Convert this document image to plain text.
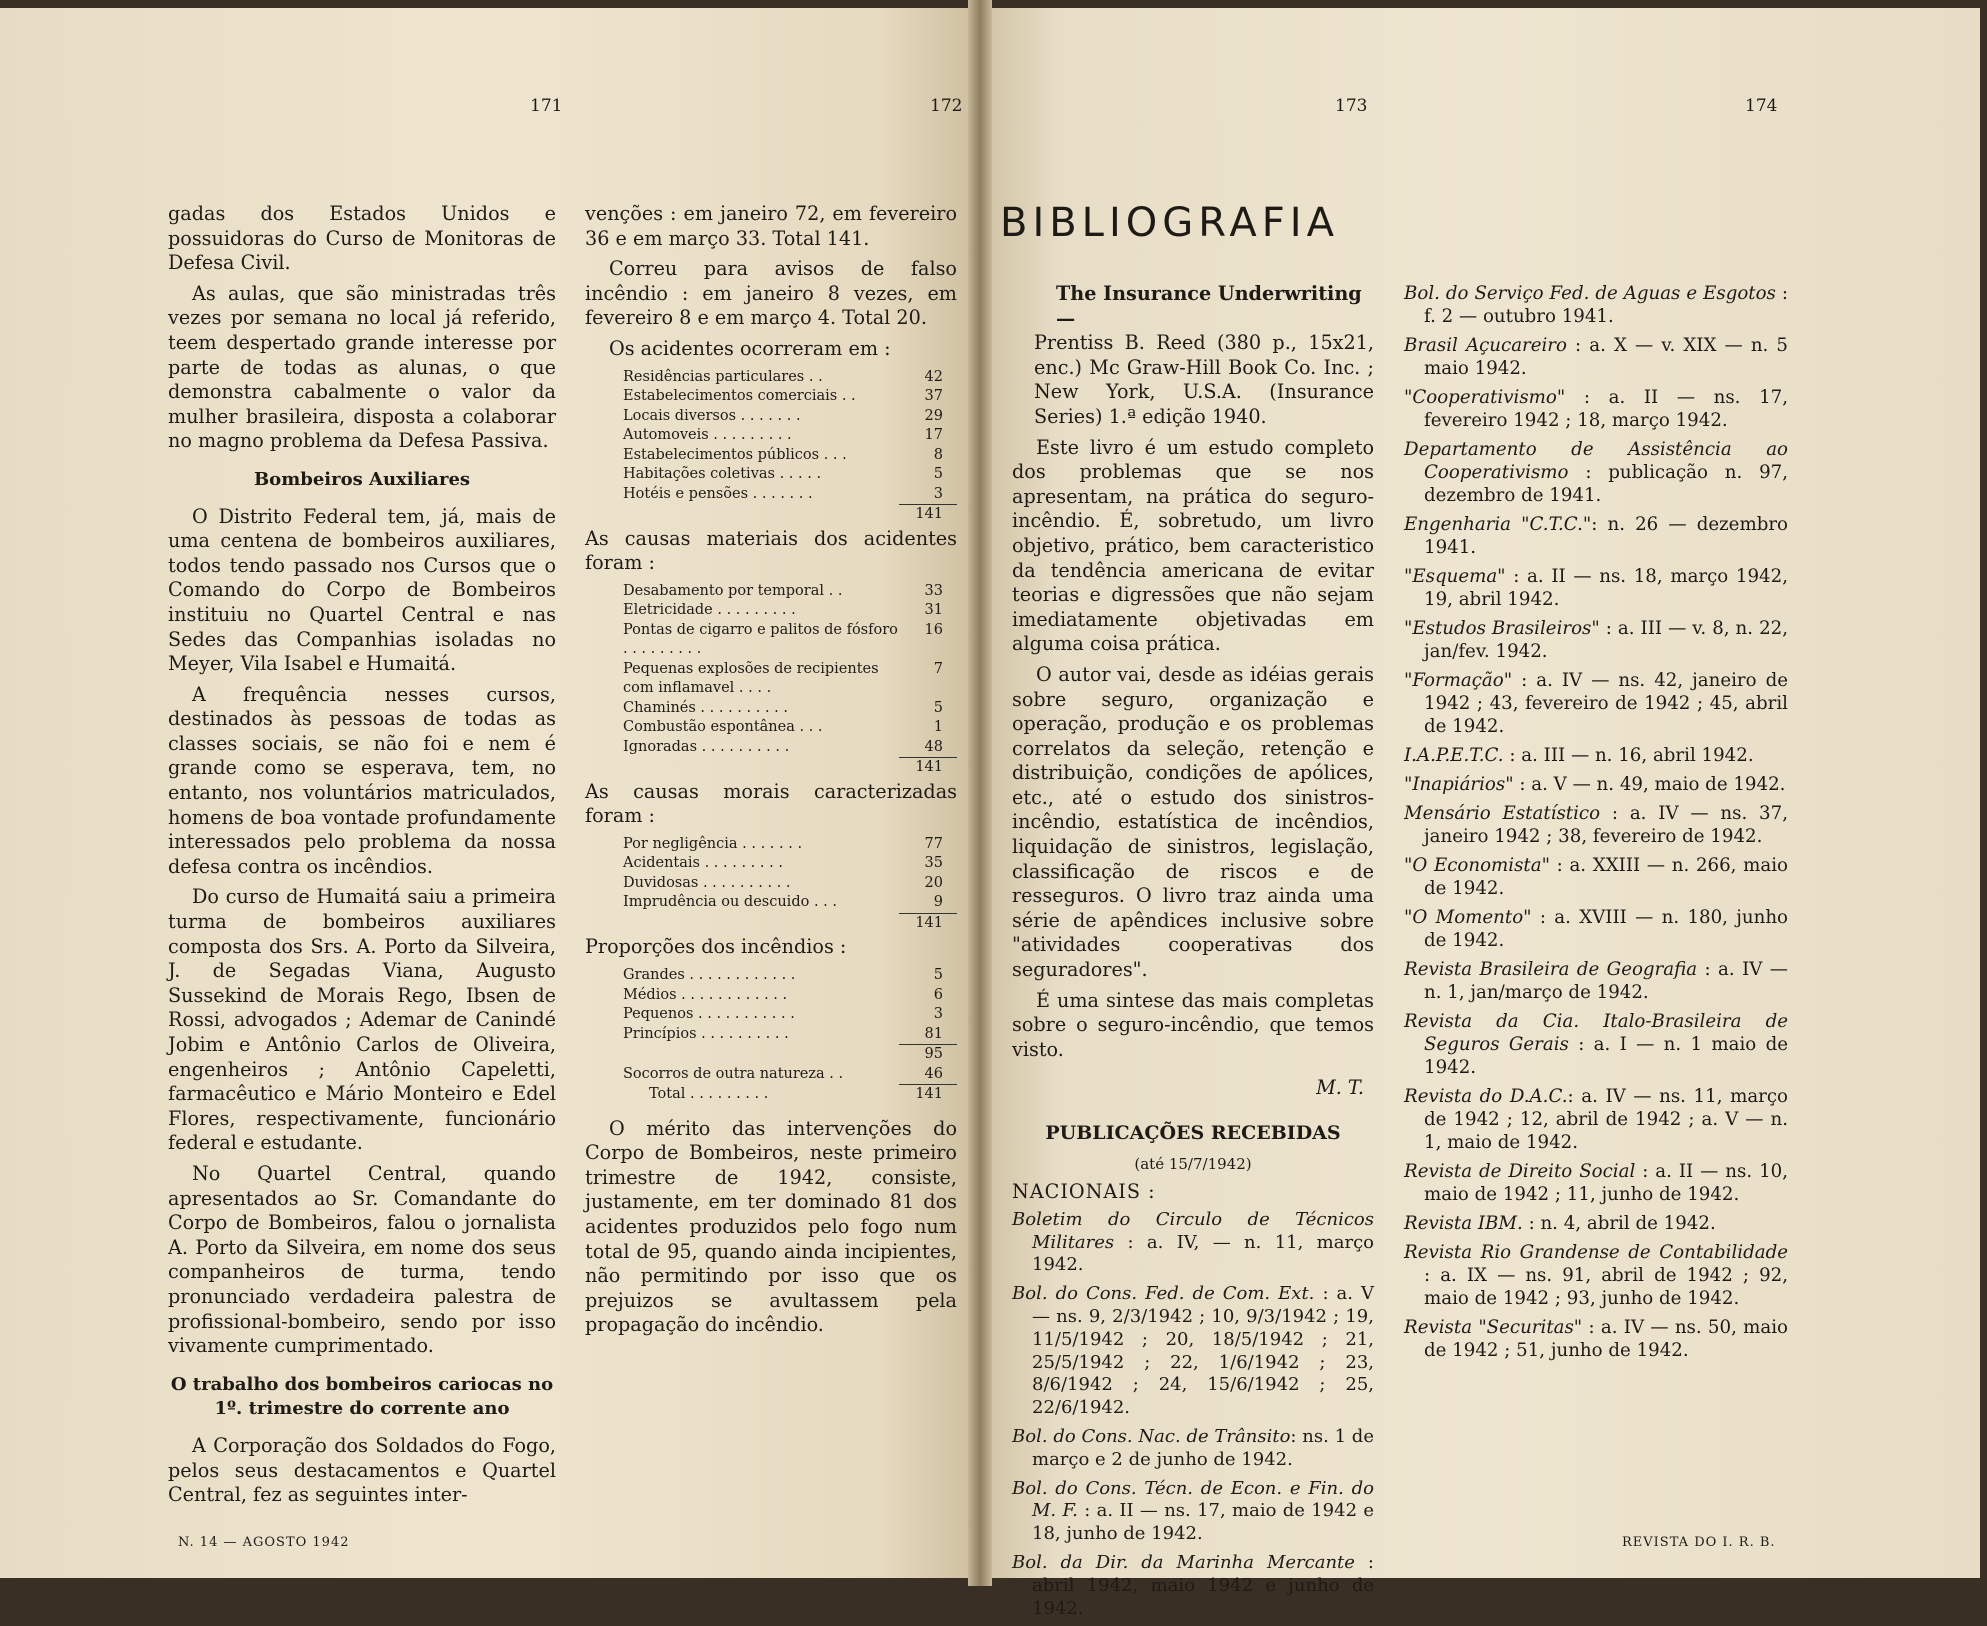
171	172	173	174

gadas dos Estados Unidos e possuidoras do Curso de Monitoras de Defesa Civil.

As aulas, que são ministradas três vezes por semana no local já referido, teem despertado grande interesse por parte de todas as alunas, o que demonstra cabalmente o valor da mulher brasileira, disposta a colaborar no magno problema da Defesa Passiva.

Bombeiros Auxiliares

O Distrito Federal tem, já, mais de uma centena de bombeiros auxiliares, todos tendo passado nos Cursos que o Comando do Corpo de Bombeiros instituiu no Quartel Central e nas Sedes das Companhias isoladas no Meyer, Vila Isabel e Humaitá.

A frequência nesses cursos, destinados às pessoas de todas as classes sociais, se não foi e nem é grande como se esperava, tem, no entanto, nos voluntários matriculados, homens de boa vontade profundamente interessados pelo problema da nossa defesa contra os incêndios.

Do curso de Humaitá saiu a primeira turma de bombeiros auxiliares composta dos Srs. A. Porto da Silveira, J. de Segadas Viana, Augusto Sussekind de Morais Rego, Ibsen de Rossi, advogados ; Ademar de Canindé Jobim e Antônio Carlos de Oliveira, engenheiros ; Antônio Capeletti, farmacêutico e Mário Monteiro e Edel Flores, respectivamente, funcionário federal e estudante.

No Quartel Central, quando apresentados ao Sr. Comandante do Corpo de Bombeiros, falou o jornalista A. Porto da Silveira, em nome dos seus companheiros de turma, tendo pronunciado verdadeira palestra de profissional-bombeiro, sendo por isso vivamente cumprimentado.

O trabalho dos bombeiros cariocas no 1º. trimestre do corrente ano

A Corporação dos Soldados do Fogo, pelos seus destacamentos e Quartel Central, fez as seguintes inter-

venções : em janeiro 72, em fevereiro 36 e em março 33. Total 141.

Correu para avisos de falso incêndio : em janeiro 8 vezes, em fevereiro 8 e em março 4. Total 20.

Os acidentes ocorreram em :

Residências particulares . .	42
Estabelecimentos comerciais . .	37
Locais diversos . . . . . . .	29
Automoveis . . . . . . . . .	17
Estabelecimentos públicos . . .	8
Habitações coletivas . . . . .	5
Hotéis e pensões . . . . . . .	3
	141

As causas materiais dos acidentes foram :

Desabamento por temporal . .	33
Eletricidade . . . . . . . . .	31
Pontas de cigarro e palitos de fósforo . . . . . . . . .	16
Pequenas explosões de recipientes com inflamavel . . . .	7
Chaminés . . . . . . . . . .	5
Combustão espontânea . . .	1
Ignoradas . . . . . . . . . .	48
	141

As causas morais caracterizadas foram :

Por negligência . . . . . . .	77
Acidentais . . . . . . . . .	35
Duvidosas . . . . . . . . . .	20
Imprudência ou descuido . . .	9
	141

Proporções dos incêndios :

Grandes . . . . . . . . . . . .	5
Médios . . . . . . . . . . . .	6
Pequenos . . . . . . . . . . .	3
Princípios . . . . . . . . . .	81
	95
Socorros de outra natureza . .	46
Total . . . . . . . . .	141

O mérito das intervenções do Corpo de Bombeiros, neste primeiro trimestre de 1942, consiste, justamente, em ter dominado 81 dos acidentes produzidos pelo fogo num total de 95, quando ainda incipientes, não permitindo por isso que os prejuizos se avultassem pela propagação do incêndio.

BIBLIOGRAFIA
The Insurance Underwriting —

Prentiss B. Reed (380 p., 15x21, enc.) Mc Graw-Hill Book Co. Inc. ; New York, U.S.A. (Insurance Series) 1.ª edição 1940.

Este livro é um estudo completo dos problemas que se nos apresentam, na prática do seguro-incêndio. É, sobretudo, um livro objetivo, prático, bem caracteristico da tendência americana de evitar teorias e digressões que não sejam imediatamente objetivadas em alguma coisa prática.

O autor vai, desde as idéias gerais sobre seguro, organização e operação, produção e os problemas correlatos da seleção, retenção e distribuição, condições de apólices, etc., até o estudo dos sinistros-incêndio, estatística de incêndios, liquidação de sinistros, legislação, classificação de riscos e de resseguros. O livro traz ainda uma série de apêndices inclusive sobre "atividades cooperativas dos seguradores".

É uma sintese das mais completas sobre o seguro-incêndio, que temos visto.

M. T.
PUBLICAÇÕES RECEBIDAS
(até 15/7/1942)
NACIONAIS :
Boletim do Circulo de Técnicos Militares : a. IV, — n. 11, março 1942.
Bol. do Cons. Fed. de Com. Ext. : a. V — ns. 9, 2/3/1942 ; 10, 9/3/1942 ; 19, 11/5/1942 ; 20, 18/5/1942 ; 21, 25/5/1942 ; 22, 1/6/1942 ; 23, 8/6/1942 ; 24, 15/6/1942 ; 25, 22/6/1942.
Bol. do Cons. Nac. de Trânsito: ns. 1 de março e 2 de junho de 1942.
Bol. do Cons. Técn. de Econ. e Fin. do M. F. : a. II — ns. 17, maio de 1942 e 18, junho de 1942.
Bol. da Dir. da Marinha Mercante : abril 1942, maio 1942 e junho de 1942.
Bol. do Serviço Fed. de Aguas e Esgotos : f. 2 — outubro 1941.
Brasil Açucareiro : a. X — v. XIX — n. 5 maio 1942.
"Cooperativismo" : a. II — ns. 17, fevereiro 1942 ; 18, março 1942.
Departamento de Assistência ao Cooperativismo : publicação n. 97, dezembro de 1941.
Engenharia "C.T.C.": n. 26 — dezembro 1941.
"Esquema" : a. II — ns. 18, março 1942, 19, abril 1942.
"Estudos Brasileiros" : a. III — v. 8, n. 22, jan/fev. 1942.
"Formação" : a. IV — ns. 42, janeiro de 1942 ; 43, fevereiro de 1942 ; 45, abril de 1942.
I.A.P.E.T.C. : a. III — n. 16, abril 1942.
"Inapiários" : a. V — n. 49, maio de 1942.
Mensário Estatístico : a. IV — ns. 37, janeiro 1942 ; 38, fevereiro de 1942.
"O Economista" : a. XXIII — n. 266, maio de 1942.
"O Momento" : a. XVIII — n. 180, junho de 1942.
Revista Brasileira de Geografia : a. IV — n. 1, jan/março de 1942.
Revista da Cia. Italo-Brasileira de Seguros Gerais : a. I — n. 1 maio de 1942.
Revista do D.A.C.: a. IV — ns. 11, março de 1942 ; 12, abril de 1942 ; a. V — n. 1, maio de 1942.
Revista de Direito Social : a. II — ns. 10, maio de 1942 ; 11, junho de 1942.
Revista IBM. : n. 4, abril de 1942.
Revista Rio Grandense de Contabilidade : a. IX — ns. 91, abril de 1942 ; 92, maio de 1942 ; 93, junho de 1942.
Revista "Securitas" : a. IV — ns. 50, maio de 1942 ; 51, junho de 1942.
N. 14 — AGOSTO 1942	REVISTA DO I. R. B.
